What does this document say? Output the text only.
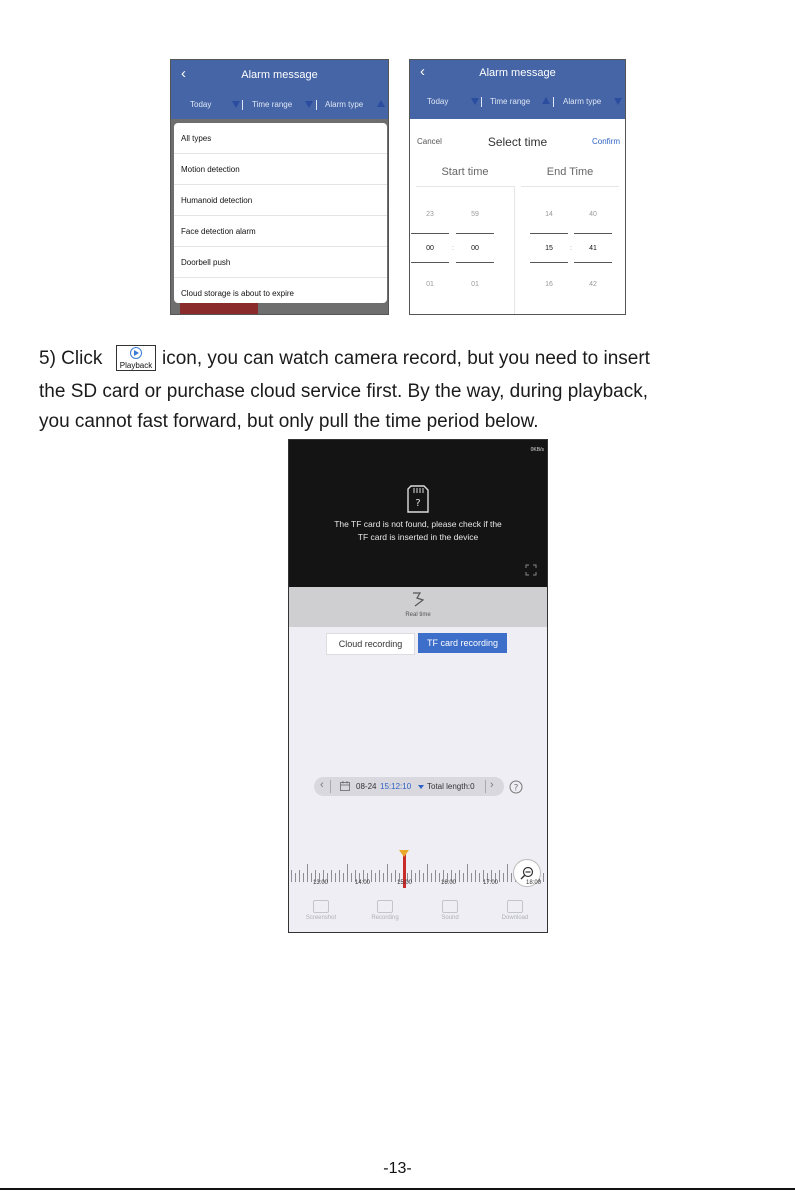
‹	Alarm message
Today	Time range	Alarm type
All types
Motion detection
Humanoid detection
Face detection alarm
Doorbell push
Cloud storage is about to expire
‹	Alarm message
Today	Time range	Alarm type
Cancel	Select time	Confirm
Start time	End Time
23	59
00	:	00
01	01
14	40
15	:	41
16	42
5) Click	Playback icon, you can watch camera record, but you need to insert
the SD card or purchase cloud service first. By the way, during playback,
you cannot fast forward, but only pull the time period below.
0KB/s
?
The TF card is not found, please check if the
TF card is inserted in the device
Real time
Cloud recording	TF card recording
‹	08-24 15:12:10 Total length:0 › ?
13:00	14:00	15:00	16:00	17:00	18:00
Screenshot	Recording	Sound	Download
-13-
